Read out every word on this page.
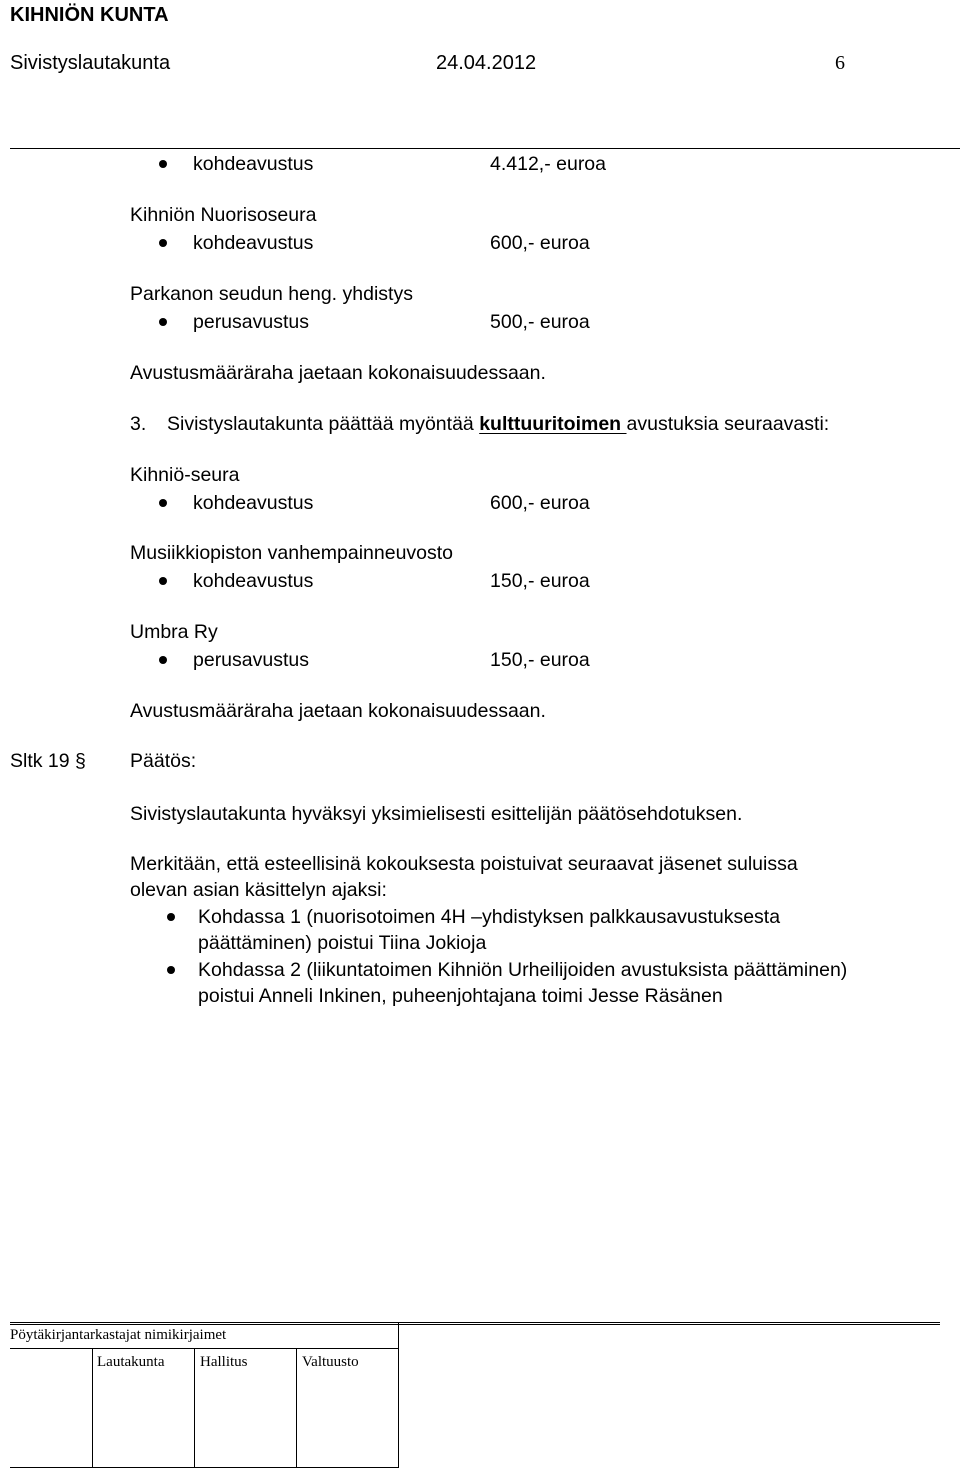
KIHNIÖN KUNTA
Sivistyslautakunta	24.04.2012	6
kohdeavustus	4.412,- euroa
Kihniön Nuorisoseura
kohdeavustus	600,- euroa
Parkanon seudun heng. yhdistys
perusavustus	500,- euroa
Avustusmääräraha jaetaan kokonaisuudessaan.
3. Sivistyslautakunta päättää myöntää kulttuuritoimen avustuksia seuraavasti:
Kihniö-seura
kohdeavustus	600,- euroa
Musiikkiopiston vanhempainneuvosto
kohdeavustus	150,- euroa
Umbra Ry
perusavustus	150,- euroa
Avustusmääräraha jaetaan kokonaisuudessaan.
Sltk 19 § Päätös:
Sivistyslautakunta hyväksyi yksimielisesti esittelijän päätösehdotuksen.
Merkitään, että esteellisinä kokouksesta poistuivat seuraavat jäsenet suluissa
olevan asian käsittelyn ajaksi:
Kohdassa 1 (nuorisotoimen 4H –yhdistyksen palkkausavustuksesta
päättäminen) poistui Tiina Jokioja
Kohdassa 2 (liikuntatoimen Kihniön Urheilijoiden avustuksista päättäminen)
poistui Anneli Inkinen, puheenjohtajana toimi Jesse Räsänen
Pöytäkirjantarkastajat nimikirjaimet
Lautakunta Hallitus	Valtuusto
